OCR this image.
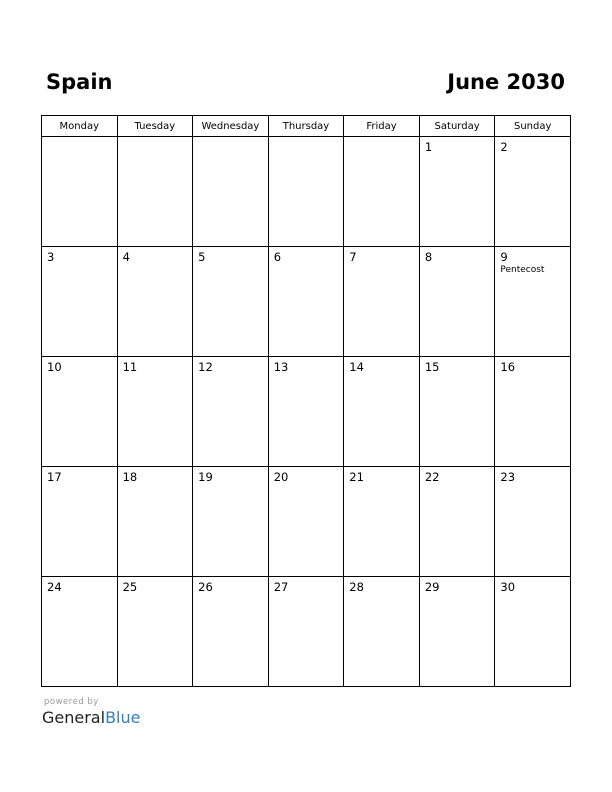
Spain	June 2030
Monday	Tuesday	Wednesday	Thursday	Friday	Saturday	Sunday

					1	2

3	4	5	6	7	8	9
Pentecost

10	11	12	13	14	15	16

17	18	19	20	21	22	23

24	25	26	27	28	29	30
powered by
GeneralBlue
